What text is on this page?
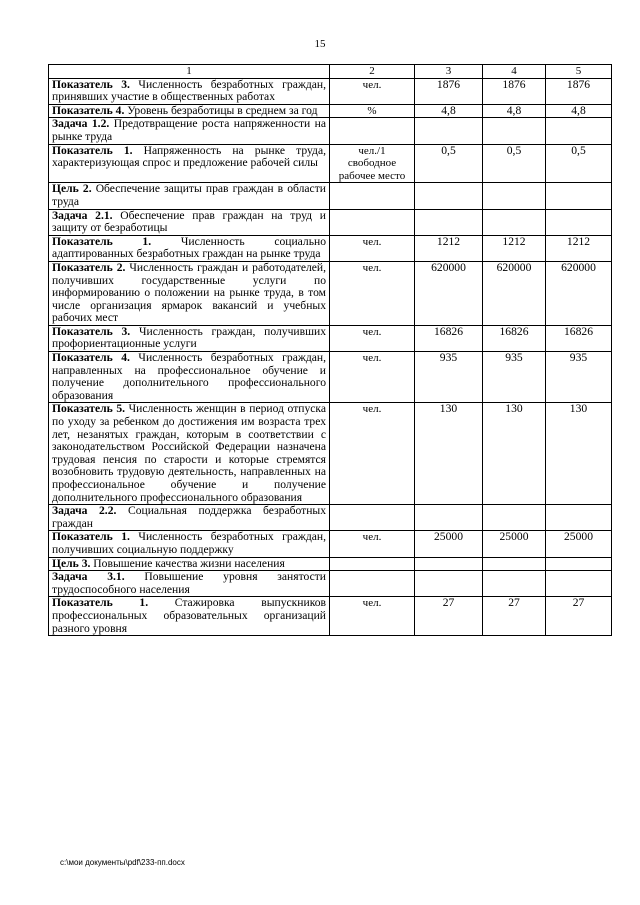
15
1	2	3	4	5
Показатель 3. Численность безработных граждан, принявших участие в общественных работах	чел.	1876	1876	1876
Показатель 4. Уровень безработицы в среднем за год	%	4,8	4,8	4,8
Задача 1.2. Предотвращение роста напряженности на рынке труда				
Показатель 1. Напряженность на рынке труда, характеризующая спрос и предложение рабочей силы	чел./1 свободное рабочее место	0,5	0,5	0,5
Цель 2. Обеспечение защиты прав граждан в области труда				
Задача 2.1. Обеспечение прав граждан на труд и защиту от безработицы				
Показатель 1. Численность социально адаптированных безработных граждан на рынке труда	чел.	1212	1212	1212
Показатель 2. Численность граждан и работодателей, получивших государственные услуги по информированию о положении на рынке труда, в том числе организация ярмарок вакансий и учебных рабочих мест	чел.	620000	620000	620000
Показатель 3. Численность граждан, получивших профориентационные услуги	чел.	16826	16826	16826
Показатель 4. Численность безработных граждан, направленных на профессиональное обучение и получение дополнительного профессионального образования	чел.	935	935	935
Показатель 5. Численность женщин в период отпуска по уходу за ребенком до достижения им возраста трех лет, незанятых граждан, которым в соответствии с законодательством Российской Федерации назначена трудовая пенсия по старости и которые стремятся возобновить трудовую деятельность, направленных на профессиональное обучение и получение дополнительного профессионального образования	чел.	130	130	130
Задача 2.2. Социальная поддержка безработных граждан				
Показатель 1. Численность безработных граждан, получивших социальную поддержку	чел.	25000	25000	25000
Цель 3. Повышение качества жизни населения				
Задача 3.1. Повышение уровня занятости трудоспособного населения				
Показатель 1. Стажировка выпускников профессиональных образовательных организаций разного уровня	чел.	27	27	27
c:\мои документы\pdf\233-пп.docx
